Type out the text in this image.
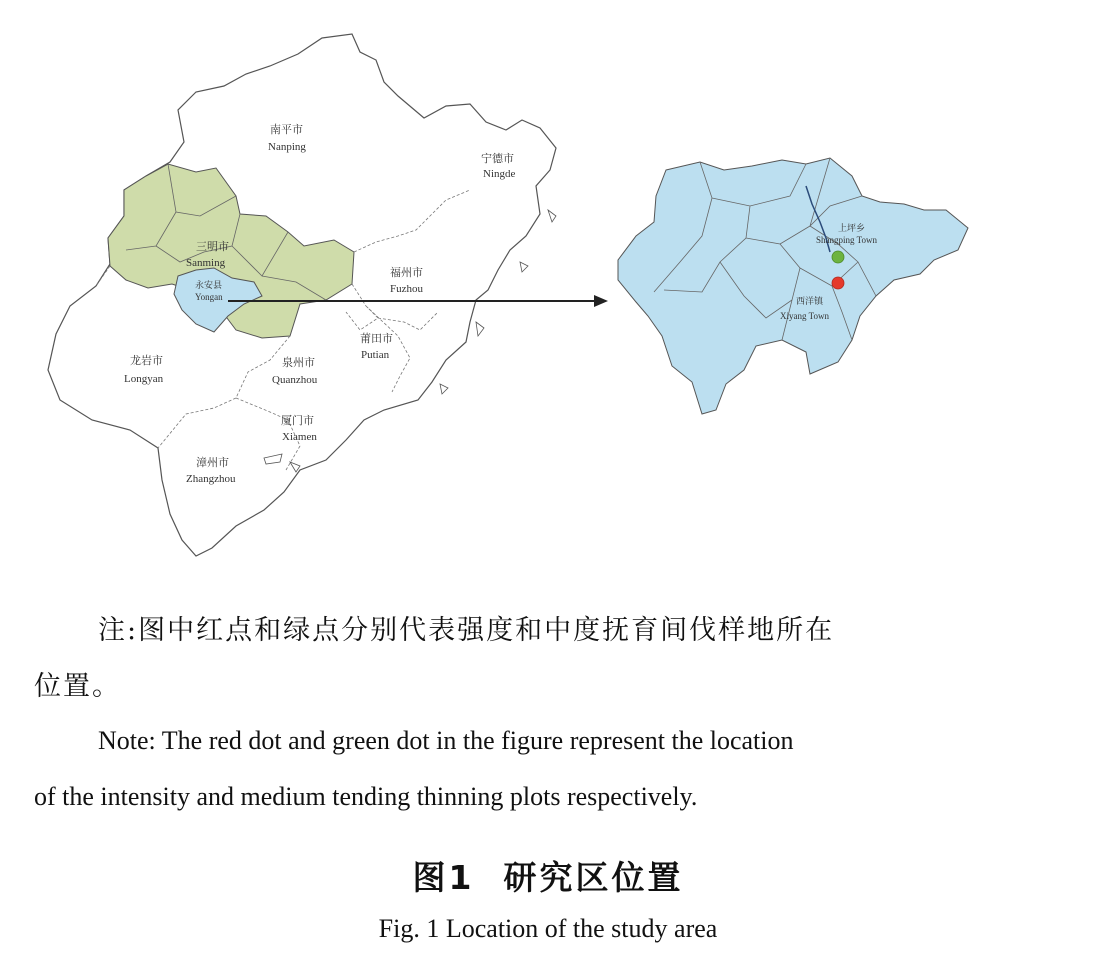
南平市
Nanping
宁德市
Ningde
三明市
Sanming
永安县
Yongan
福州市
Fuzhou
莆田市
Putian
龙岩市
Longyan
泉州市
Quanzhou
厦门市
Xiamen
漳州市
Zhangzhou
上坪乡
Shangping Town
西洋镇
Xiyang Town
注:图中红点和绿点分别代表强度和中度抚育间伐样地所在
位置。
Note: The red dot and green dot in the figure represent the location
of the intensity and medium tending thinning plots respectively.
图1  研究区位置
Fig. 1 Location of the study area
